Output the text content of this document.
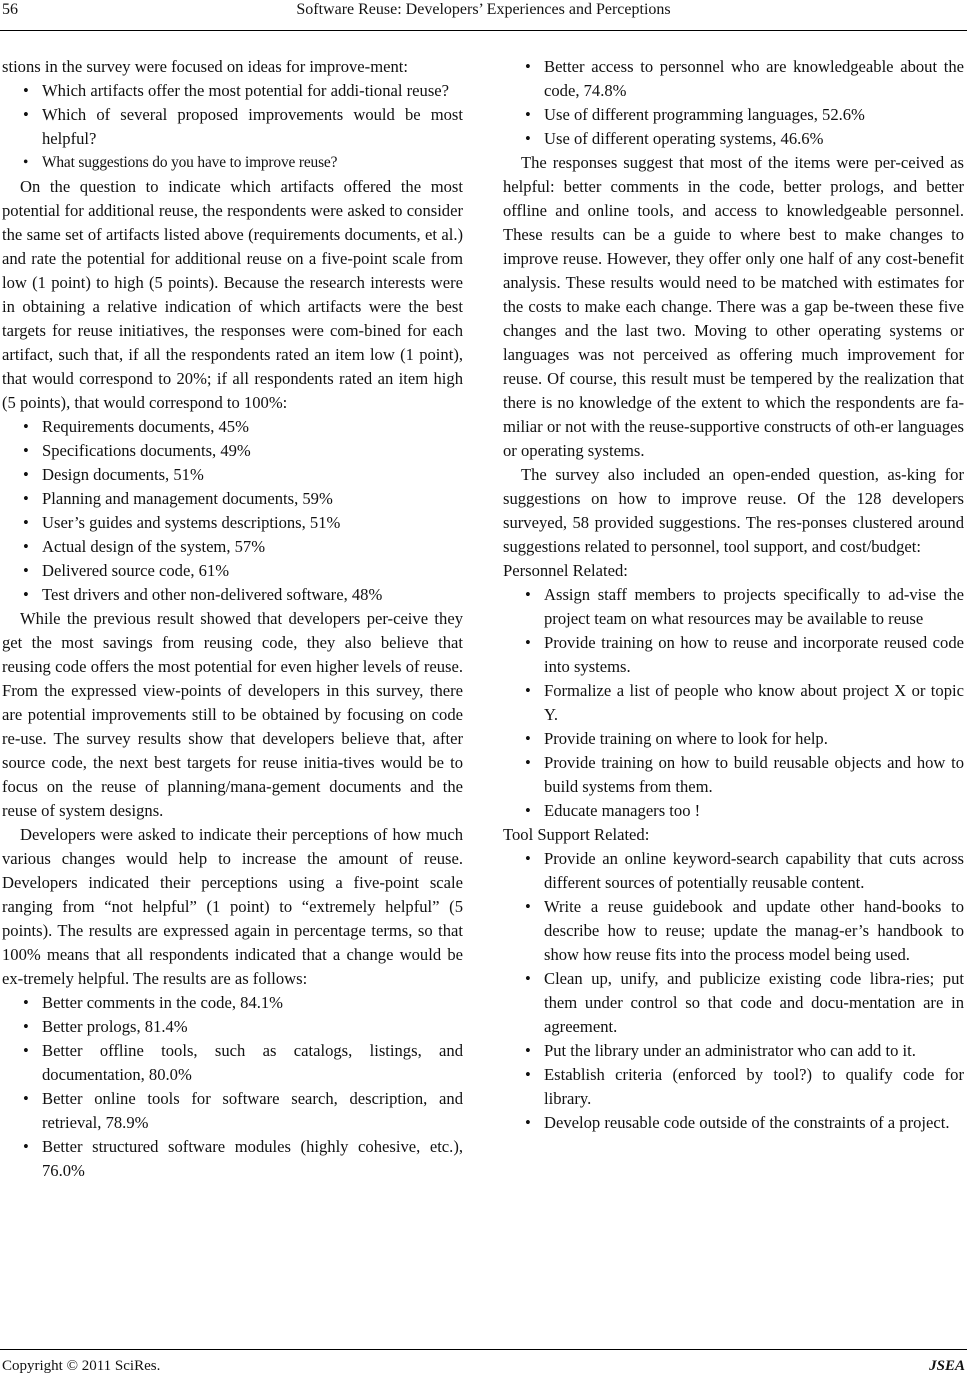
56	Software Reuse: Developers’ Experiences and Perceptions

stions in the survey were focused on ideas for improve-ment:

• Which artifacts offer the most potential for addi-tional reuse?
• Which of several proposed improvements would be most helpful?
• What suggestions do you have to improve reuse?

On the question to indicate which artifacts offered the most potential for additional reuse, the respondents were asked to consider the same set of artifacts listed above (requirements documents, et al.) and rate the potential for additional reuse on a five-point scale from low (1 point) to high (5 points). Because the research interests were in obtaining a relative indication of which artifacts were the best targets for reuse initiatives, the responses were com-bined for each artifact, such that, if all the respondents rated an item low (1 point), that would correspond to 20%; if all respondents rated an item high (5 points), that would correspond to 100%:

• Requirements documents, 45%
• Specifications documents, 49%
• Design documents, 51%
• Planning and management documents, 59%
• User’s guides and systems descriptions, 51%
• Actual design of the system, 57%
• Delivered source code, 61%
• Test drivers and other non-delivered software, 48%

While the previous result showed that developers per-ceive they get the most savings from reusing code, they also believe that reusing code offers the most potential for even higher levels of reuse. From the expressed view-points of developers in this survey, there are potential improvements still to be obtained by focusing on code re-use. The survey results show that developers believe that, after source code, the next best targets for reuse initia-tives would be to focus on the reuse of planning/mana-gement documents and the reuse of system designs.

Developers were asked to indicate their perceptions of how much various changes would help to increase the amount of reuse. Developers indicated their perceptions using a five-point scale ranging from “not helpful” (1 point) to “extremely helpful” (5 points). The results are expressed again in percentage terms, so that 100% means that all respondents indicated that a change would be ex-tremely helpful. The results are as follows:

• Better comments in the code, 84.1%
• Better prologs, 81.4%
• Better offline tools, such as catalogs, listings, and documentation, 80.0%
• Better online tools for software search, description, and retrieval, 78.9%
• Better structured software modules (highly cohesive, etc.), 76.0%
• Better access to personnel who are knowledgeable about the code, 74.8%
• Use of different programming languages, 52.6%
• Use of different operating systems, 46.6%

The responses suggest that most of the items were per-ceived as helpful: better comments in the code, better prologs, and better offline and online tools, and access to knowledgeable personnel. These results can be a guide to where best to make changes to improve reuse. However, they offer only one half of any cost-benefit analysis. These results would need to be matched with estimates for the costs to make each change. There was a gap be-tween these five changes and the last two. Moving to other operating systems or languages was not perceived as offering much improvement for reuse. Of course, this result must be tempered by the realization that there is no knowledge of the extent to which the respondents are fa-miliar or not with the reuse-supportive constructs of oth-er languages or operating systems.

The survey also included an open-ended question, as-king for suggestions on how to improve reuse. Of the 128 developers surveyed, 58 provided suggestions. The res-ponses clustered around suggestions related to personnel, tool support, and cost/budget:

Personnel Related:

• Assign staff members to projects specifically to ad-vise the project team on what resources may be available to reuse
• Provide training on how to reuse and incorporate reused code into systems.
• Formalize a list of people who know about project X or topic Y.
• Provide training on where to look for help.
• Provide training on how to build reusable objects and how to build systems from them.
• Educate managers too !

Tool Support Related:

• Provide an online keyword-search capability that cuts across different sources of potentially reusable content.
• Write a reuse guidebook and update other hand-books to describe how to reuse; update the manag-er’s handbook to show how reuse fits into the process model being used.
• Clean up, unify, and publicize existing code libra-ries; put them under control so that code and docu-mentation are in agreement.
• Put the library under an administrator who can add to it.
• Establish criteria (enforced by tool?) to qualify code for library.
• Develop reusable code outside of the constraints of a project.
Copyright © 2011 SciRes.	JSEA
